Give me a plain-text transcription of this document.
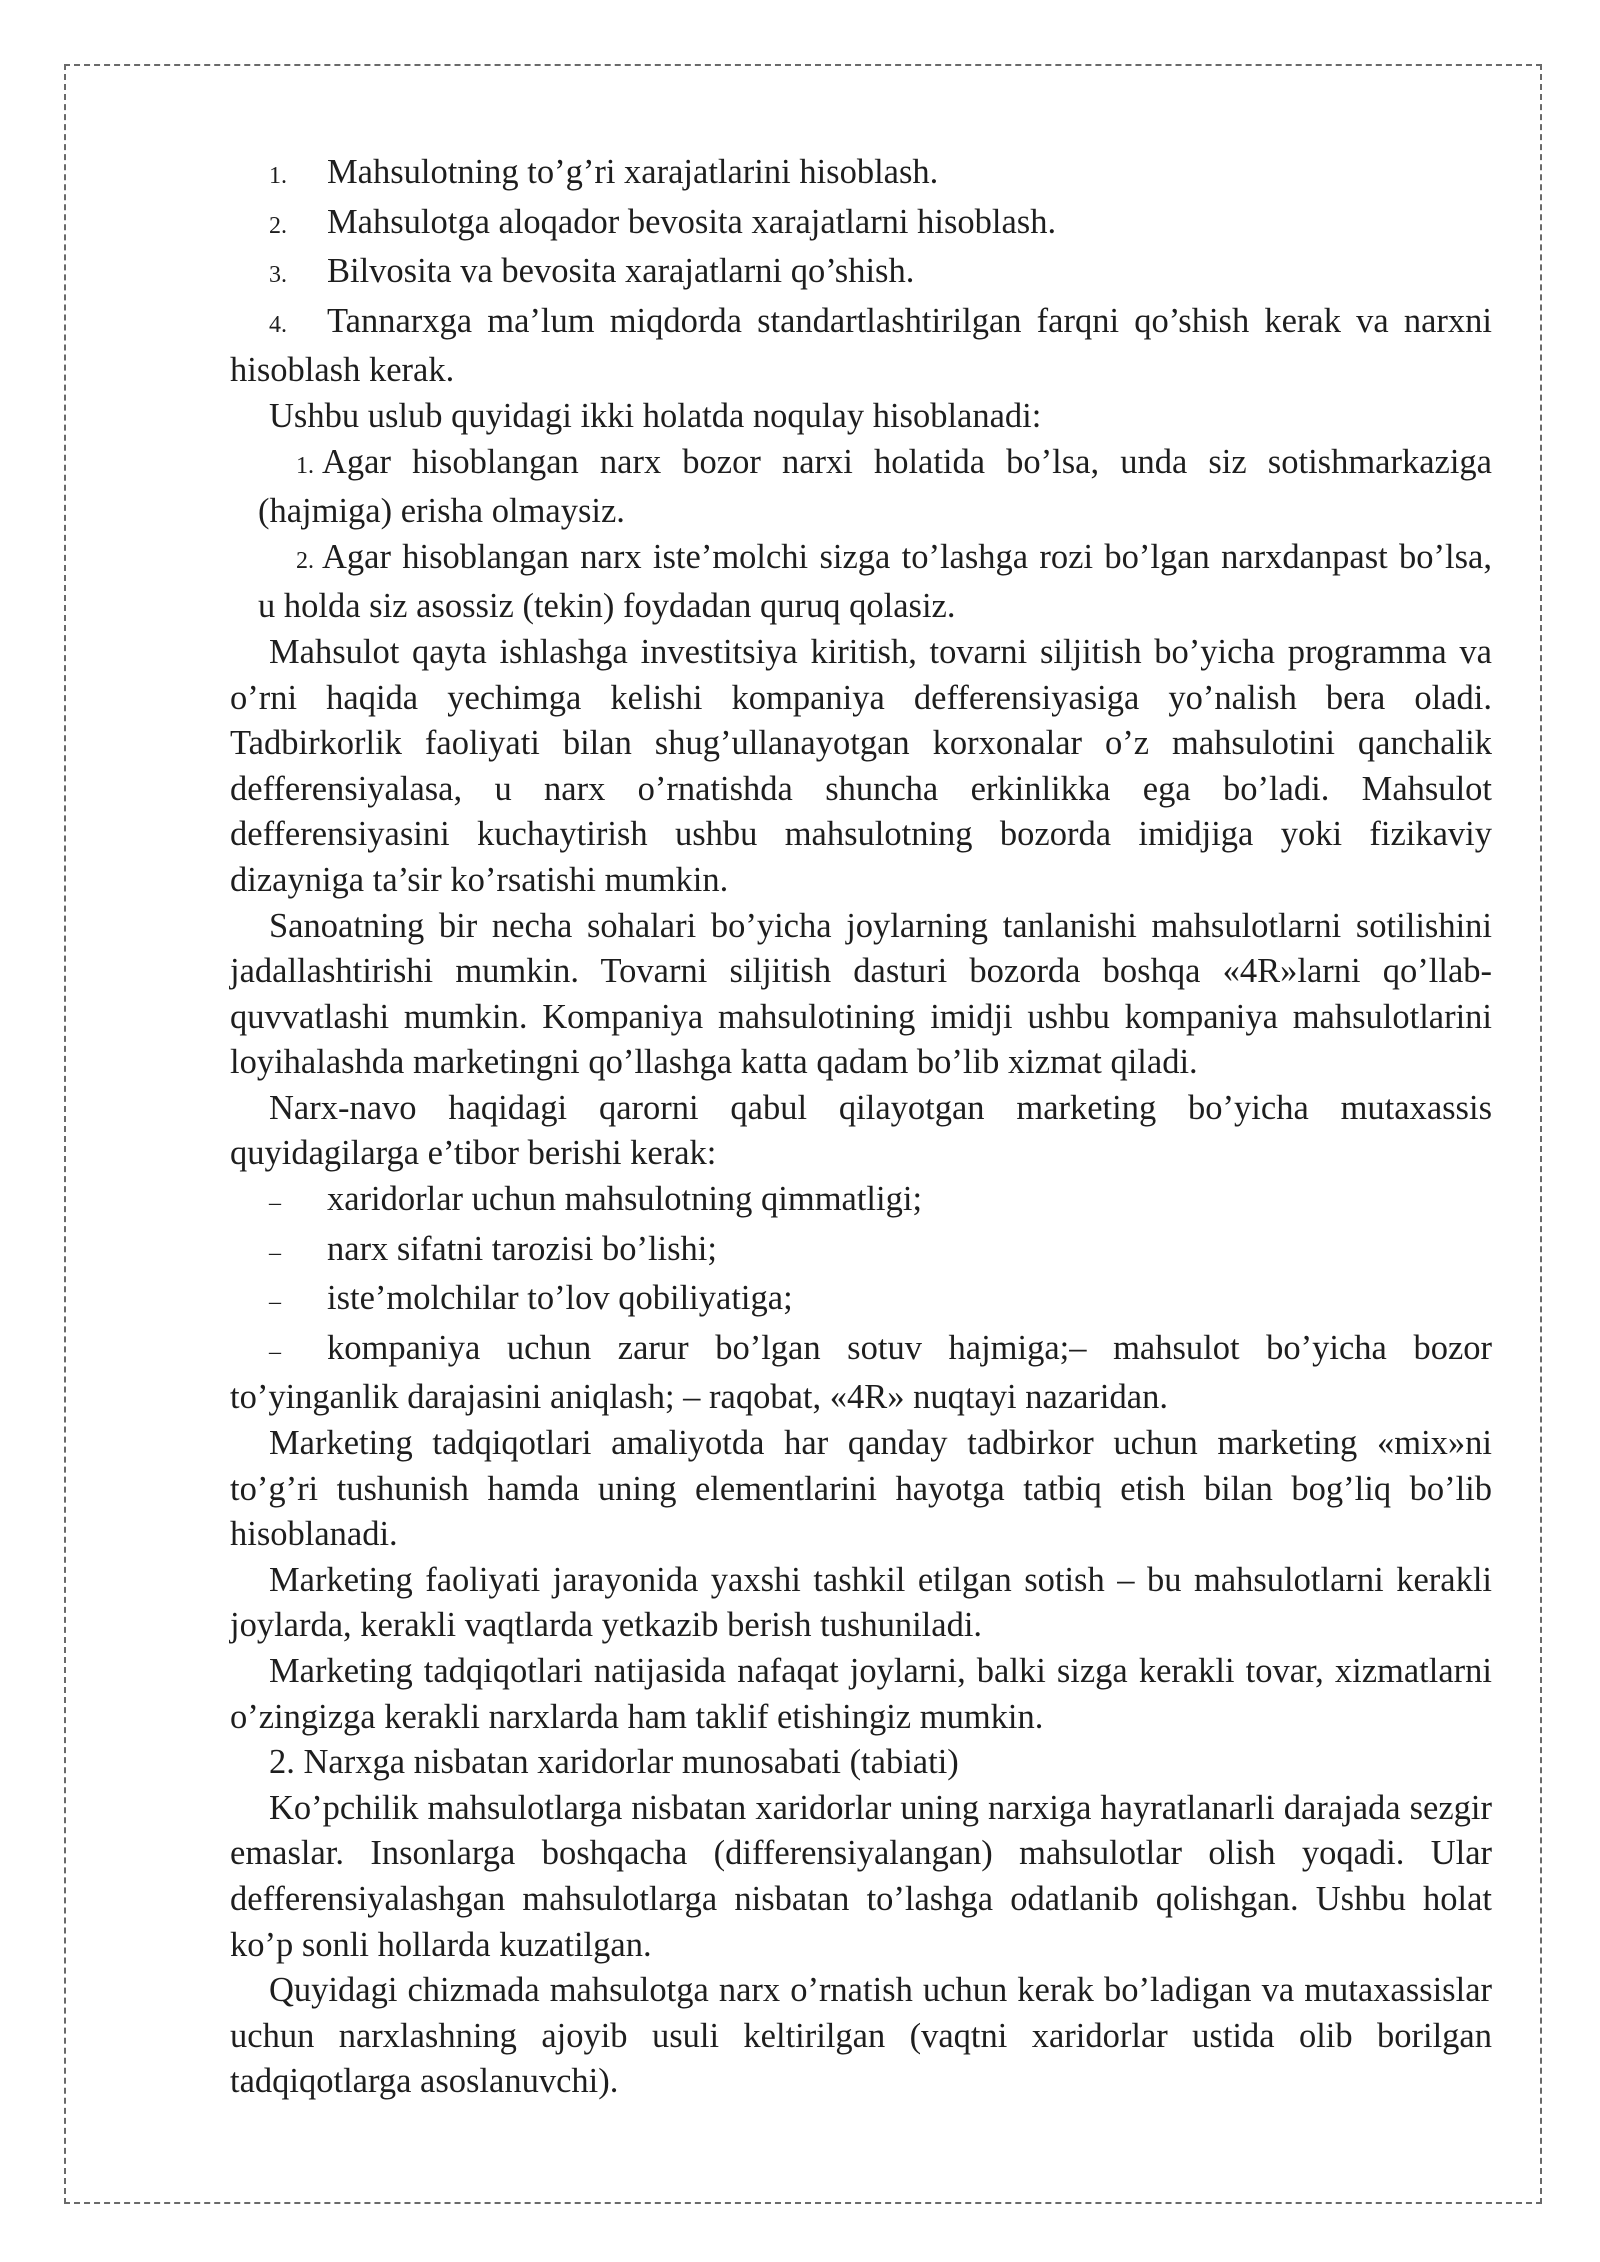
1. Mahsulotning to’g’ri xarajatlarini hisoblash.

2. Mahsulotga aloqador bevosita xarajatlarni hisoblash.

3. Bilvosita va bevosita xarajatlarni qo’shish.

4. Tannarxga ma’lum miqdorda standartlashtirilgan farqni qo’shish kerak va narxni hisoblash kerak.

Ushbu uslub quyidagi ikki holatda noqulay hisoblanadi:

1. Agar hisoblangan narx bozor narxi holatida bo’lsa, unda siz sotishmarkaziga (hajmiga) erisha olmaysiz.

2. Agar hisoblangan narx iste’molchi sizga to’lashga rozi bo’lgan narxdanpast bo’lsa, u holda siz asossiz (tekin) foydadan quruq qolasiz.

Mahsulot qayta ishlashga investitsiya kiritish, tovarni siljitish bo’yicha programma va o’rni haqida yechimga kelishi kompaniya defferensiyasiga yo’nalish bera oladi. Tadbirkorlik faoliyati bilan shug’ullanayotgan korxonalar o’z mahsulotini qanchalik defferensiyalasa, u narx o’rnatishda shuncha erkinlikka ega bo’ladi. Mahsulot defferensiyasini kuchaytirish ushbu mahsulotning bozorda imidjiga yoki fizikaviy dizayniga ta’sir ko’rsatishi mumkin.

Sanoatning bir necha sohalari bo’yicha joylarning tanlanishi mahsulotlarni sotilishini jadallashtirishi mumkin. Tovarni siljitish dasturi bozorda boshqa «4R»larni qo’llab-quvvatlashi mumkin. Kompaniya mahsulotining imidji ushbu kompaniya mahsulotlarini loyihalashda marketingni qo’llashga katta qadam bo’lib xizmat qiladi.

Narx-navo haqidagi qarorni qabul qilayotgan marketing bo’yicha mutaxassis quyidagilarga e’tibor berishi kerak:

– xaridorlar uchun mahsulotning qimmatligi;

– narx sifatni tarozisi bo’lishi;

– iste’molchilar to’lov qobiliyatiga;

– kompaniya uchun zarur bo’lgan sotuv hajmiga;– mahsulot bo’yicha bozor to’yinganlik darajasini aniqlash; – raqobat, «4R» nuqtayi nazaridan.

Marketing tadqiqotlari amaliyotda har qanday tadbirkor uchun marketing «mix»ni to’g’ri tushunish hamda uning elementlarini hayotga tatbiq etish bilan bog’liq bo’lib hisoblanadi.

Marketing faoliyati jarayonida yaxshi tashkil etilgan sotish – bu mahsulotlarni kerakli joylarda, kerakli vaqtlarda yetkazib berish tushuniladi.

Marketing tadqiqotlari natijasida nafaqat joylarni, balki sizga kerakli tovar, xizmatlarni o’zingizga kerakli narxlarda ham taklif etishingiz mumkin.

2. Narxga nisbatan xaridorlar munosabati (tabiati)

Ko’pchilik mahsulotlarga nisbatan xaridorlar uning narxiga hayratlanarli darajada sezgir emaslar. Insonlarga boshqacha (differensiyalangan) mahsulotlar olish yoqadi. Ular defferensiyalashgan mahsulotlarga nisbatan to’lashga odatlanib qolishgan. Ushbu holat ko’p sonli hollarda kuzatilgan.

Quyidagi chizmada mahsulotga narx o’rnatish uchun kerak bo’ladigan va mutaxassislar uchun narxlashning ajoyib usuli keltirilgan (vaqtni xaridorlar ustida olib borilgan tadqiqotlarga asoslanuvchi).
